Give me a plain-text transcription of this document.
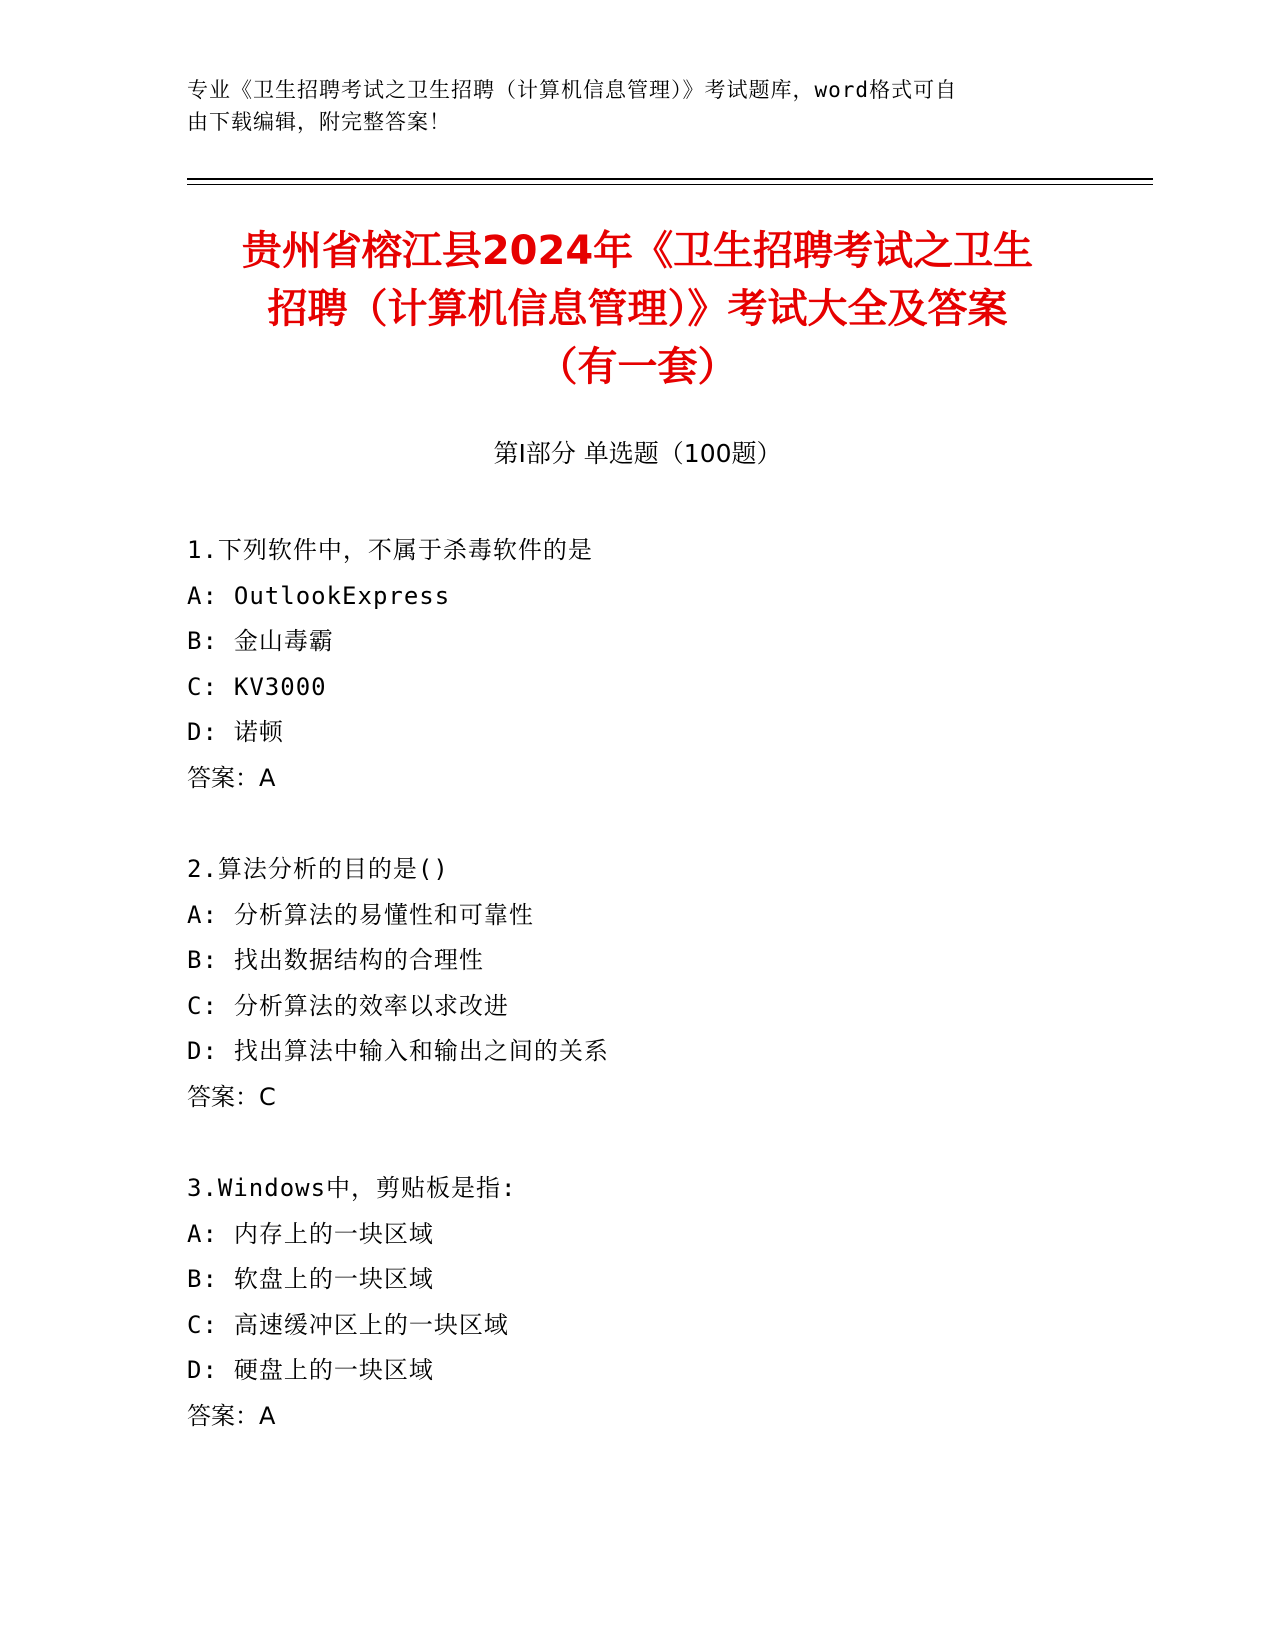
专业《卫生招聘考试之卫生招聘（计算机信息管理）》考试题库，word格式可自
由下载编辑，附完整答案！
贵州省榕江县2024年《卫生招聘考试之卫生
招聘（计算机信息管理）》考试大全及答案
（有一套）
第Ⅰ部分 单选题（100题）
1.下列软件中，不属于杀毒软件的是
A: OutlookExpress
B: 金山毒霸
C: KV3000
D: 诺顿
答案：A
2.算法分析的目的是()
A: 分析算法的易懂性和可靠性
B: 找出数据结构的合理性
C: 分析算法的效率以求改进
D: 找出算法中输入和输出之间的关系
答案：C
3.Windows中，剪贴板是指:
A: 内存上的一块区域
B: 软盘上的一块区域
C: 高速缓冲区上的一块区域
D: 硬盘上的一块区域
答案：A
